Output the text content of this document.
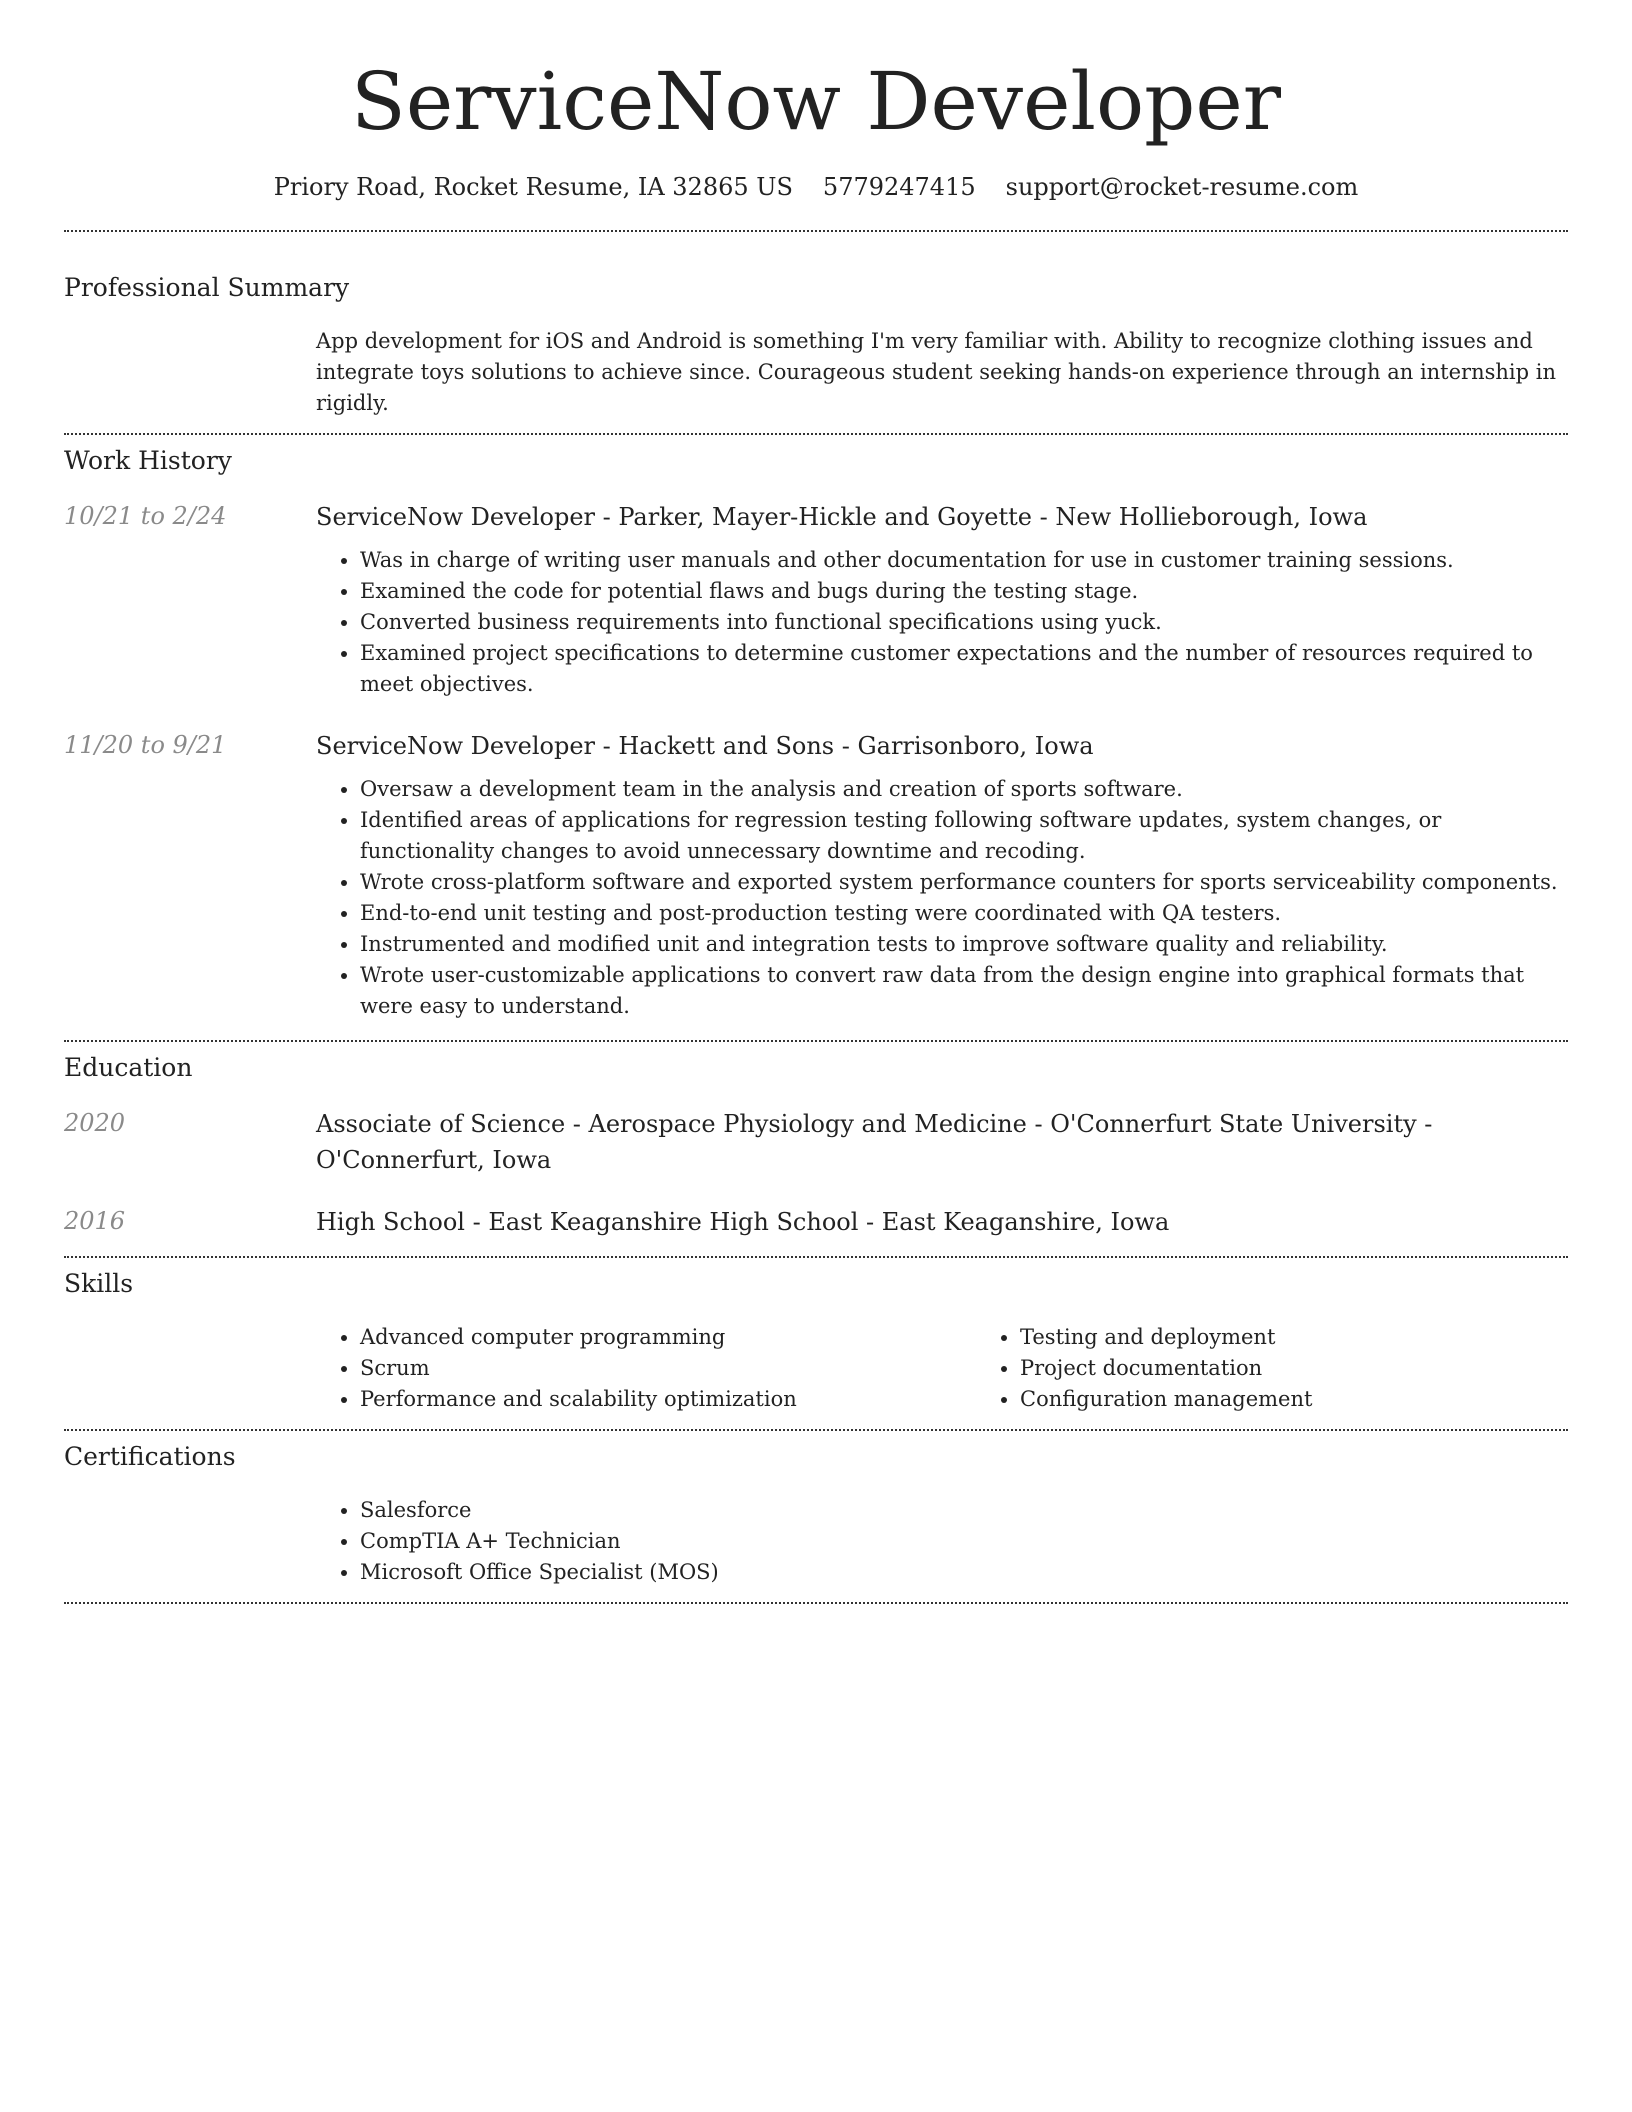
ServiceNow Developer
Priory Road, Rocket Resume, IA 32865 US 5779247415 support@rocket-resume.com
Professional Summary

App development for iOS and Android is something I'm very familiar with. Ability to recognize clothing issues and integrate toys solutions to achieve since. Courageous student seeking hands-on experience through an internship in rigidly.

Work History
10/21 to 2/24	ServiceNow Developer - Parker, Mayer-Hickle and Goyette - New Hollieborough, Iowa

• Was in charge of writing user manuals and other documentation for use in customer training sessions.
• Examined the code for potential flaws and bugs during the testing stage.
• Converted business requirements into functional specifications using yuck.
• Examined project specifications to determine customer expectations and the number of resources required to meet objectives.
11/20 to 9/21	ServiceNow Developer - Hackett and Sons - Garrisonboro, Iowa

• Oversaw a development team in the analysis and creation of sports software.
• Identified areas of applications for regression testing following software updates, system changes, or functionality changes to avoid unnecessary downtime and recoding.
• Wrote cross-platform software and exported system performance counters for sports serviceability components.
• End-to-end unit testing and post-production testing were coordinated with QA testers.
• Instrumented and modified unit and integration tests to improve software quality and reliability.
• Wrote user-customizable applications to convert raw data from the design engine into graphical formats that were easy to understand.
Education
2020	Associate of Science - Aerospace Physiology and Medicine - O'Connerfurt State University - O'Connerfurt, Iowa

2016	High School - East Keaganshire High School - East Keaganshire, Iowa

Skills
• Advanced computer programming
• Scrum
• Performance and scalability optimization
• Testing and deployment
• Project documentation
• Configuration management
Certifications
• Salesforce
• CompTIA A+ Technician
• Microsoft Office Specialist (MOS)
